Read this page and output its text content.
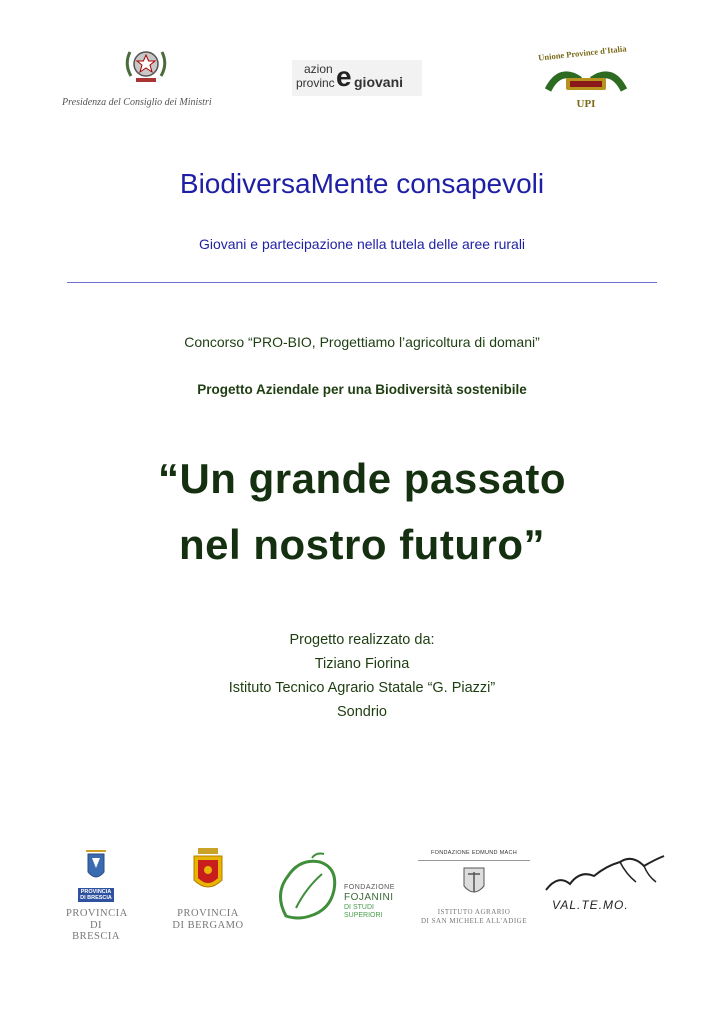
Presidenza del Consiglio dei Ministri
azion
provinc e giovani
Unione Province d'Italia
UPI
BiodiversaMente consapevoli
Giovani e partecipazione nella tutela delle aree rurali
Concorso “PRO-BIO, Progettiamo l’agricoltura di domani”
Progetto Aziendale per una Biodiversità sostenibile
“Un grande passato
nel nostro futuro”
Progetto realizzato da:
Tiziano Fiorina
Istituto Tecnico Agrario Statale “G. Piazzi”
Sondrio
PROVINCIA DI BRESCIA
PROVINCIA
DI BRESCIA
PROVINCIA
DI BERGAMO
FONDAZIONE
FOJANINI
DI STUDI
SUPERIORI
FONDAZIONE EDMUND MACH
ISTITUTO AGRARIO
DI SAN MICHELE ALL'ADIGE
VAL.TE.MO.
